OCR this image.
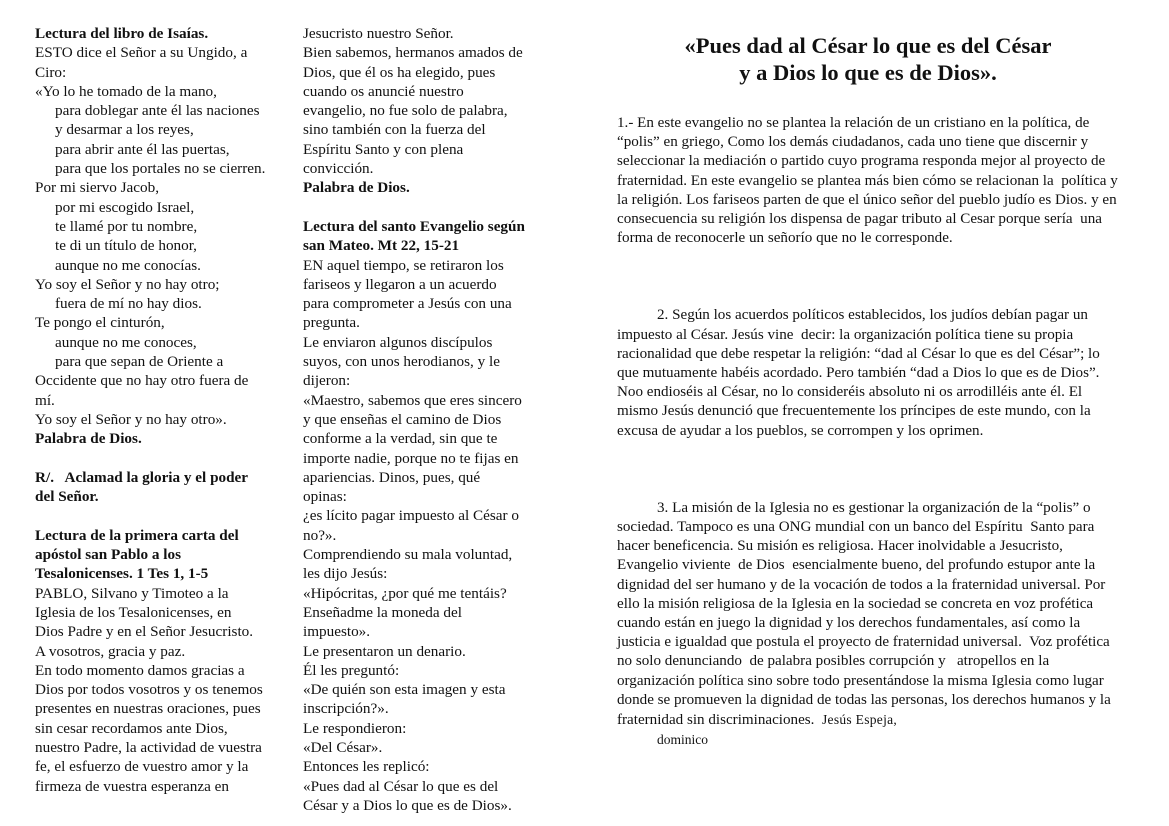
Lectura del libro de Isaías.

ESTO dice el Señor a su Ungido, a

Ciro:

«Yo lo he tomado de la mano,

para doblegar ante él las naciones

y desarmar a los reyes,

para abrir ante él las puertas,

para que los portales no se cierren.

Por mi siervo Jacob,

por mi escogido Israel,

te llamé por tu nombre,

te di un título de honor,

aunque no me conocías.

Yo soy el Señor y no hay otro;

fuera de mí no hay dios.

Te pongo el cinturón,

aunque no me conoces,

para que sepan de Oriente a

Occidente que no hay otro fuera de

mí.

Yo soy el Señor y no hay otro».

Palabra de Dios.

R/.   Aclamad la gloria y el poder

del Señor.

Lectura de la primera carta del

apóstol san Pablo a los

Tesalonicenses. 1 Tes 1, 1-5

PABLO, Silvano y Timoteo a la

Iglesia de los Tesalonicenses, en

Dios Padre y en el Señor Jesucristo.

A vosotros, gracia y paz.

En todo momento damos gracias a

Dios por todos vosotros y os tenemos

presentes en nuestras oraciones, pues

sin cesar recordamos ante Dios,

nuestro Padre, la actividad de vuestra

fe, el esfuerzo de vuestro amor y la

firmeza de vuestra esperanza en

Jesucristo nuestro Señor.

Bien sabemos, hermanos amados de

Dios, que él os ha elegido, pues

cuando os anuncié nuestro

evangelio, no fue solo de palabra,

sino también con la fuerza del

Espíritu Santo y con plena

convicción.

Palabra de Dios.

Lectura del santo Evangelio según

san Mateo. Mt 22, 15-21

EN aquel tiempo, se retiraron los

fariseos y llegaron a un acuerdo

para comprometer a Jesús con una

pregunta.

Le enviaron algunos discípulos

suyos, con unos herodianos, y le

dijeron:

«Maestro, sabemos que eres sincero

y que enseñas el camino de Dios

conforme a la verdad, sin que te

importe nadie, porque no te fijas en

apariencias. Dinos, pues, qué

opinas:

¿es lícito pagar impuesto al César o

no?».

Comprendiendo su mala voluntad,

les dijo Jesús:

«Hipócritas, ¿por qué me tentáis?

Enseñadme la moneda del

impuesto».

Le presentaron un denario.

Él les preguntó:

«De quién son esta imagen y esta

inscripción?».

Le respondieron:

«Del César».

Entonces les replicó:

«Pues dad al César lo que es del

César y a Dios lo que es de Dios».

«Pues dad al César lo que es del César
y a Dios lo que es de Dios».

1.- En este evangelio no se plantea la relación de un cristiano en la política, de “polis” en griego, Como los demás ciudadanos, cada uno tiene que discernir y seleccionar la mediación o partido cuyo programa responda mejor al proyecto de fraternidad. En este evangelio se plantea más bien cómo se relacionan la  política y la religión. Los fariseos parten de que el único señor del pueblo judío es Dios. y en consecuencia su religión los dispensa de pagar tributo al Cesar porque sería  una forma de reconocerle un señorío que no le corresponde.

2. Según los acuerdos políticos establecidos, los judíos debían pagar un impuesto al César. Jesús vine  decir: la organización política tiene su propia racionalidad que debe respetar la religión: “dad al César lo que es del César”; lo que mutuamente habéis acordado. Pero también “dad a Dios lo que es de Dios”. Noo endioséis al César, no lo consideréis absoluto ni os arrodilléis ante él. El mismo Jesús denunció que frecuentemente los príncipes de este mundo, con la excusa de ayudar a los pueblos, se corrompen y los oprimen.

3. La misión de la Iglesia no es gestionar la organización de la “polis” o sociedad. Tampoco es una ONG mundial con un banco del Espíritu  Santo para hacer beneficencia. Su misión es religiosa. Hacer inolvidable a Jesucristo, Evangelio viviente  de Dios  esencialmente bueno, del profundo estupor ante la dignidad del ser humano y de la vocación de todos a la fraternidad universal. Por ello la misión religiosa de la Iglesia en la sociedad se concreta en voz profética cuando están en juego la dignidad y los derechos fundamentales, así como la justicia e igualdad que postula el proyecto de fraternidad universal.  Voz profética no solo denunciando  de palabra posibles corrupción y   atropellos en la organización política sino sobre todo presentándose la misma Iglesia como lugar donde se promueven la dignidad de todas las personas, los derechos humanos y la fraternidad sin discriminaciones. Jesús Espeja,
dominico
